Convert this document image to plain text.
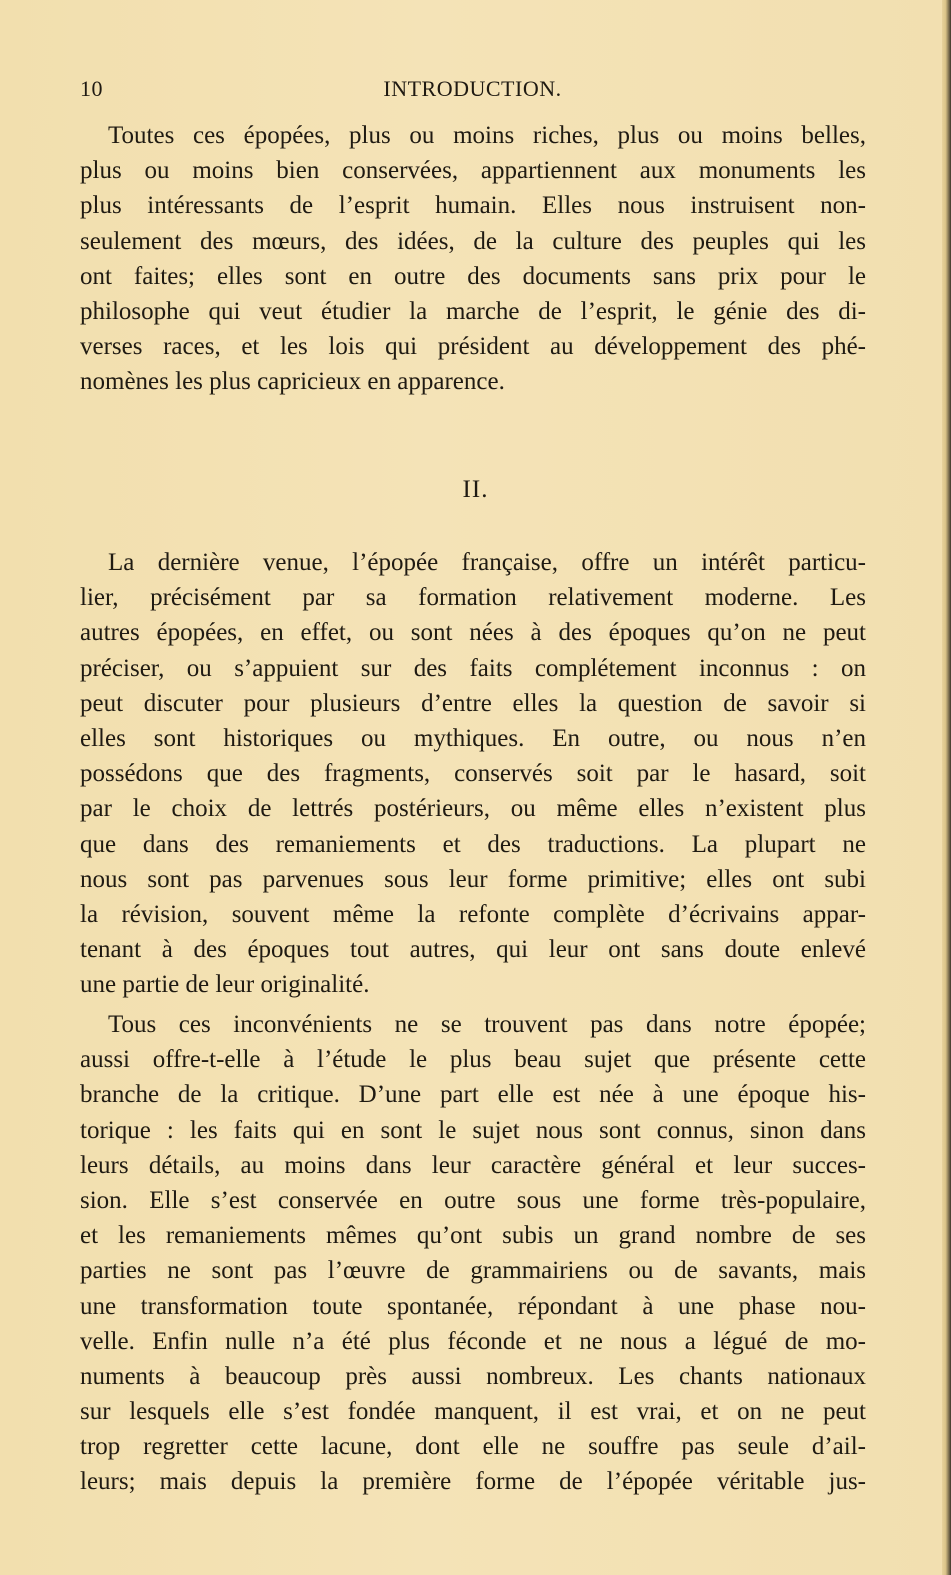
10	INTRODUCTION.
Toutes ces épopées, plus ou moins riches, plus ou moins belles,
plus ou moins bien conservées, appartiennent aux monuments les
plus intéressants de l’esprit humain. Elles nous instruisent non-
seulement des mœurs, des idées, de la culture des peuples qui les
ont faites; elles sont en outre des documents sans prix pour le
philosophe qui veut étudier la marche de l’esprit, le génie des di-
verses races, et les lois qui président au développement des phé-
nomènes les plus capricieux en apparence.
II.
La dernière venue, l’épopée française, offre un intérêt particu-
lier, précisément par sa formation relativement moderne. Les
autres épopées, en effet, ou sont nées à des époques qu’on ne peut
préciser, ou s’appuient sur des faits complétement inconnus : on
peut discuter pour plusieurs d’entre elles la question de savoir si
elles sont historiques ou mythiques. En outre, ou nous n’en
possédons que des fragments, conservés soit par le hasard, soit
par le choix de lettrés postérieurs, ou même elles n’existent plus
que dans des remaniements et des traductions. La plupart ne
nous sont pas parvenues sous leur forme primitive; elles ont subi
la révision, souvent même la refonte complète d’écrivains appar-
tenant à des époques tout autres, qui leur ont sans doute enlevé
une partie de leur originalité.
Tous ces inconvénients ne se trouvent pas dans notre épopée;
aussi offre-t-elle à l’étude le plus beau sujet que présente cette
branche de la critique. D’une part elle est née à une époque his-
torique : les faits qui en sont le sujet nous sont connus, sinon dans
leurs détails, au moins dans leur caractère général et leur succes-
sion. Elle s’est conservée en outre sous une forme très-populaire,
et les remaniements mêmes qu’ont subis un grand nombre de ses
parties ne sont pas l’œuvre de grammairiens ou de savants, mais
une transformation toute spontanée, répondant à une phase nou-
velle. Enfin nulle n’a été plus féconde et ne nous a légué de mo-
numents à beaucoup près aussi nombreux. Les chants nationaux
sur lesquels elle s’est fondée manquent, il est vrai, et on ne peut
trop regretter cette lacune, dont elle ne souffre pas seule d’ail-
leurs; mais depuis la première forme de l’épopée véritable jus-
